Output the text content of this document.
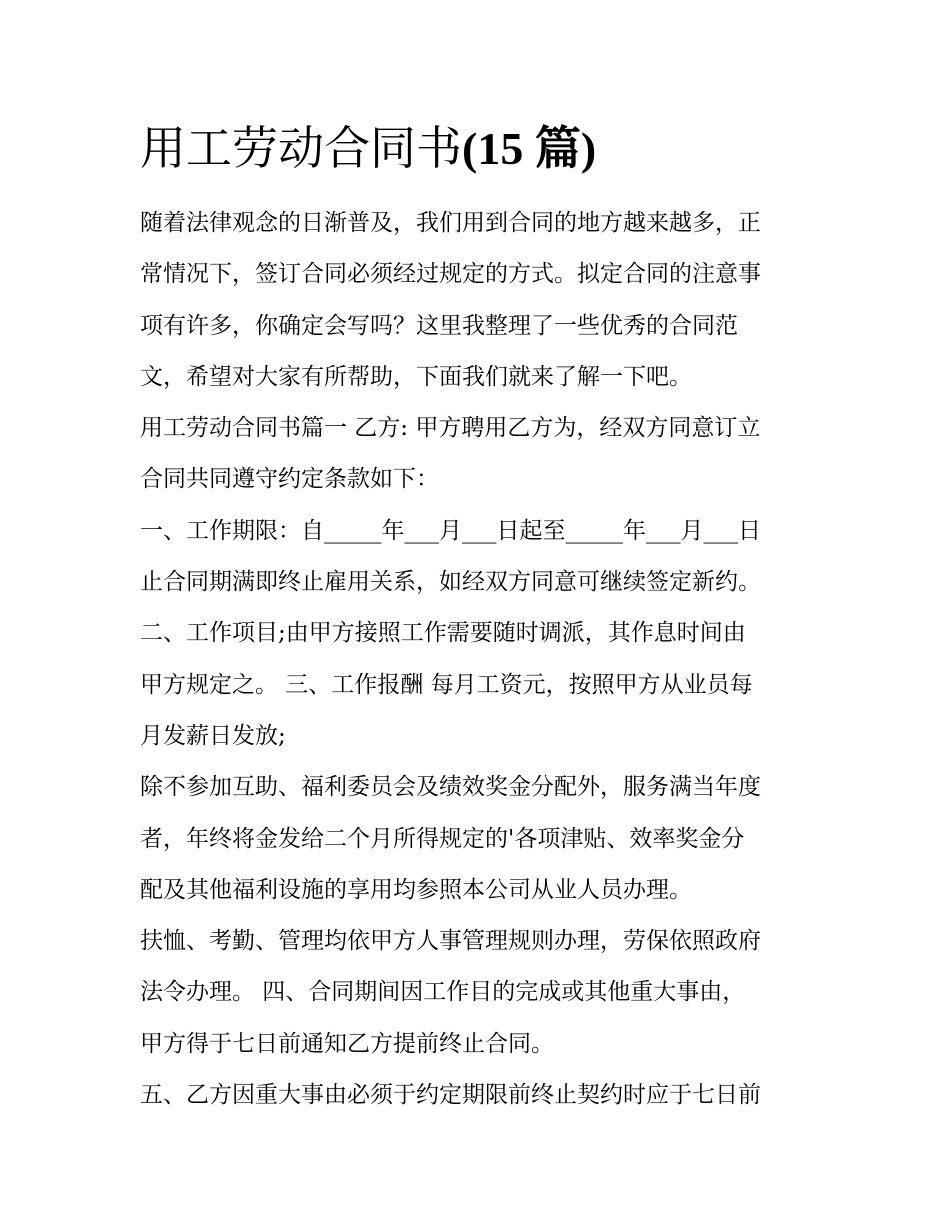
用工劳动合同书(15 篇)
随着法律观念的日渐普及，我们用到合同的地方越来越多，正
常情况下，签订合同必须经过规定的方式。拟定合同的注意事
项有许多，你确定会写吗？这里我整理了一些优秀的合同范
文，希望对大家有所帮助，下面我们就来了解一下吧。
用工劳动合同书篇一 乙方: 甲方聘用乙方为，经双方同意订立
合同共同遵守约定条款如下：
一、工作期限：自_____年___月___日起至_____年___月___日
止合同期满即终止雇用关系，如经双方同意可继续签定新约。
二、工作项目;由甲方接照工作需要随时调派，其作息时间由
甲方规定之。 三、工作报酬 每月工资元，按照甲方从业员每
月发薪日发放;
除不参加互助、福利委员会及绩效奖金分配外，服务满当年度
者，年终将金发给二个月所得规定的'各项津贴、效率奖金分
配及其他福利设施的享用均参照本公司从业人员办理。
扶恤、考勤、管理均依甲方人事管理规则办理，劳保依照政府
法令办理。 四、合同期间因工作目的完成或其他重大事由，
甲方得于七日前通知乙方提前终止合同。
五、乙方因重大事由必须于约定期限前终止契约时应于七日前
